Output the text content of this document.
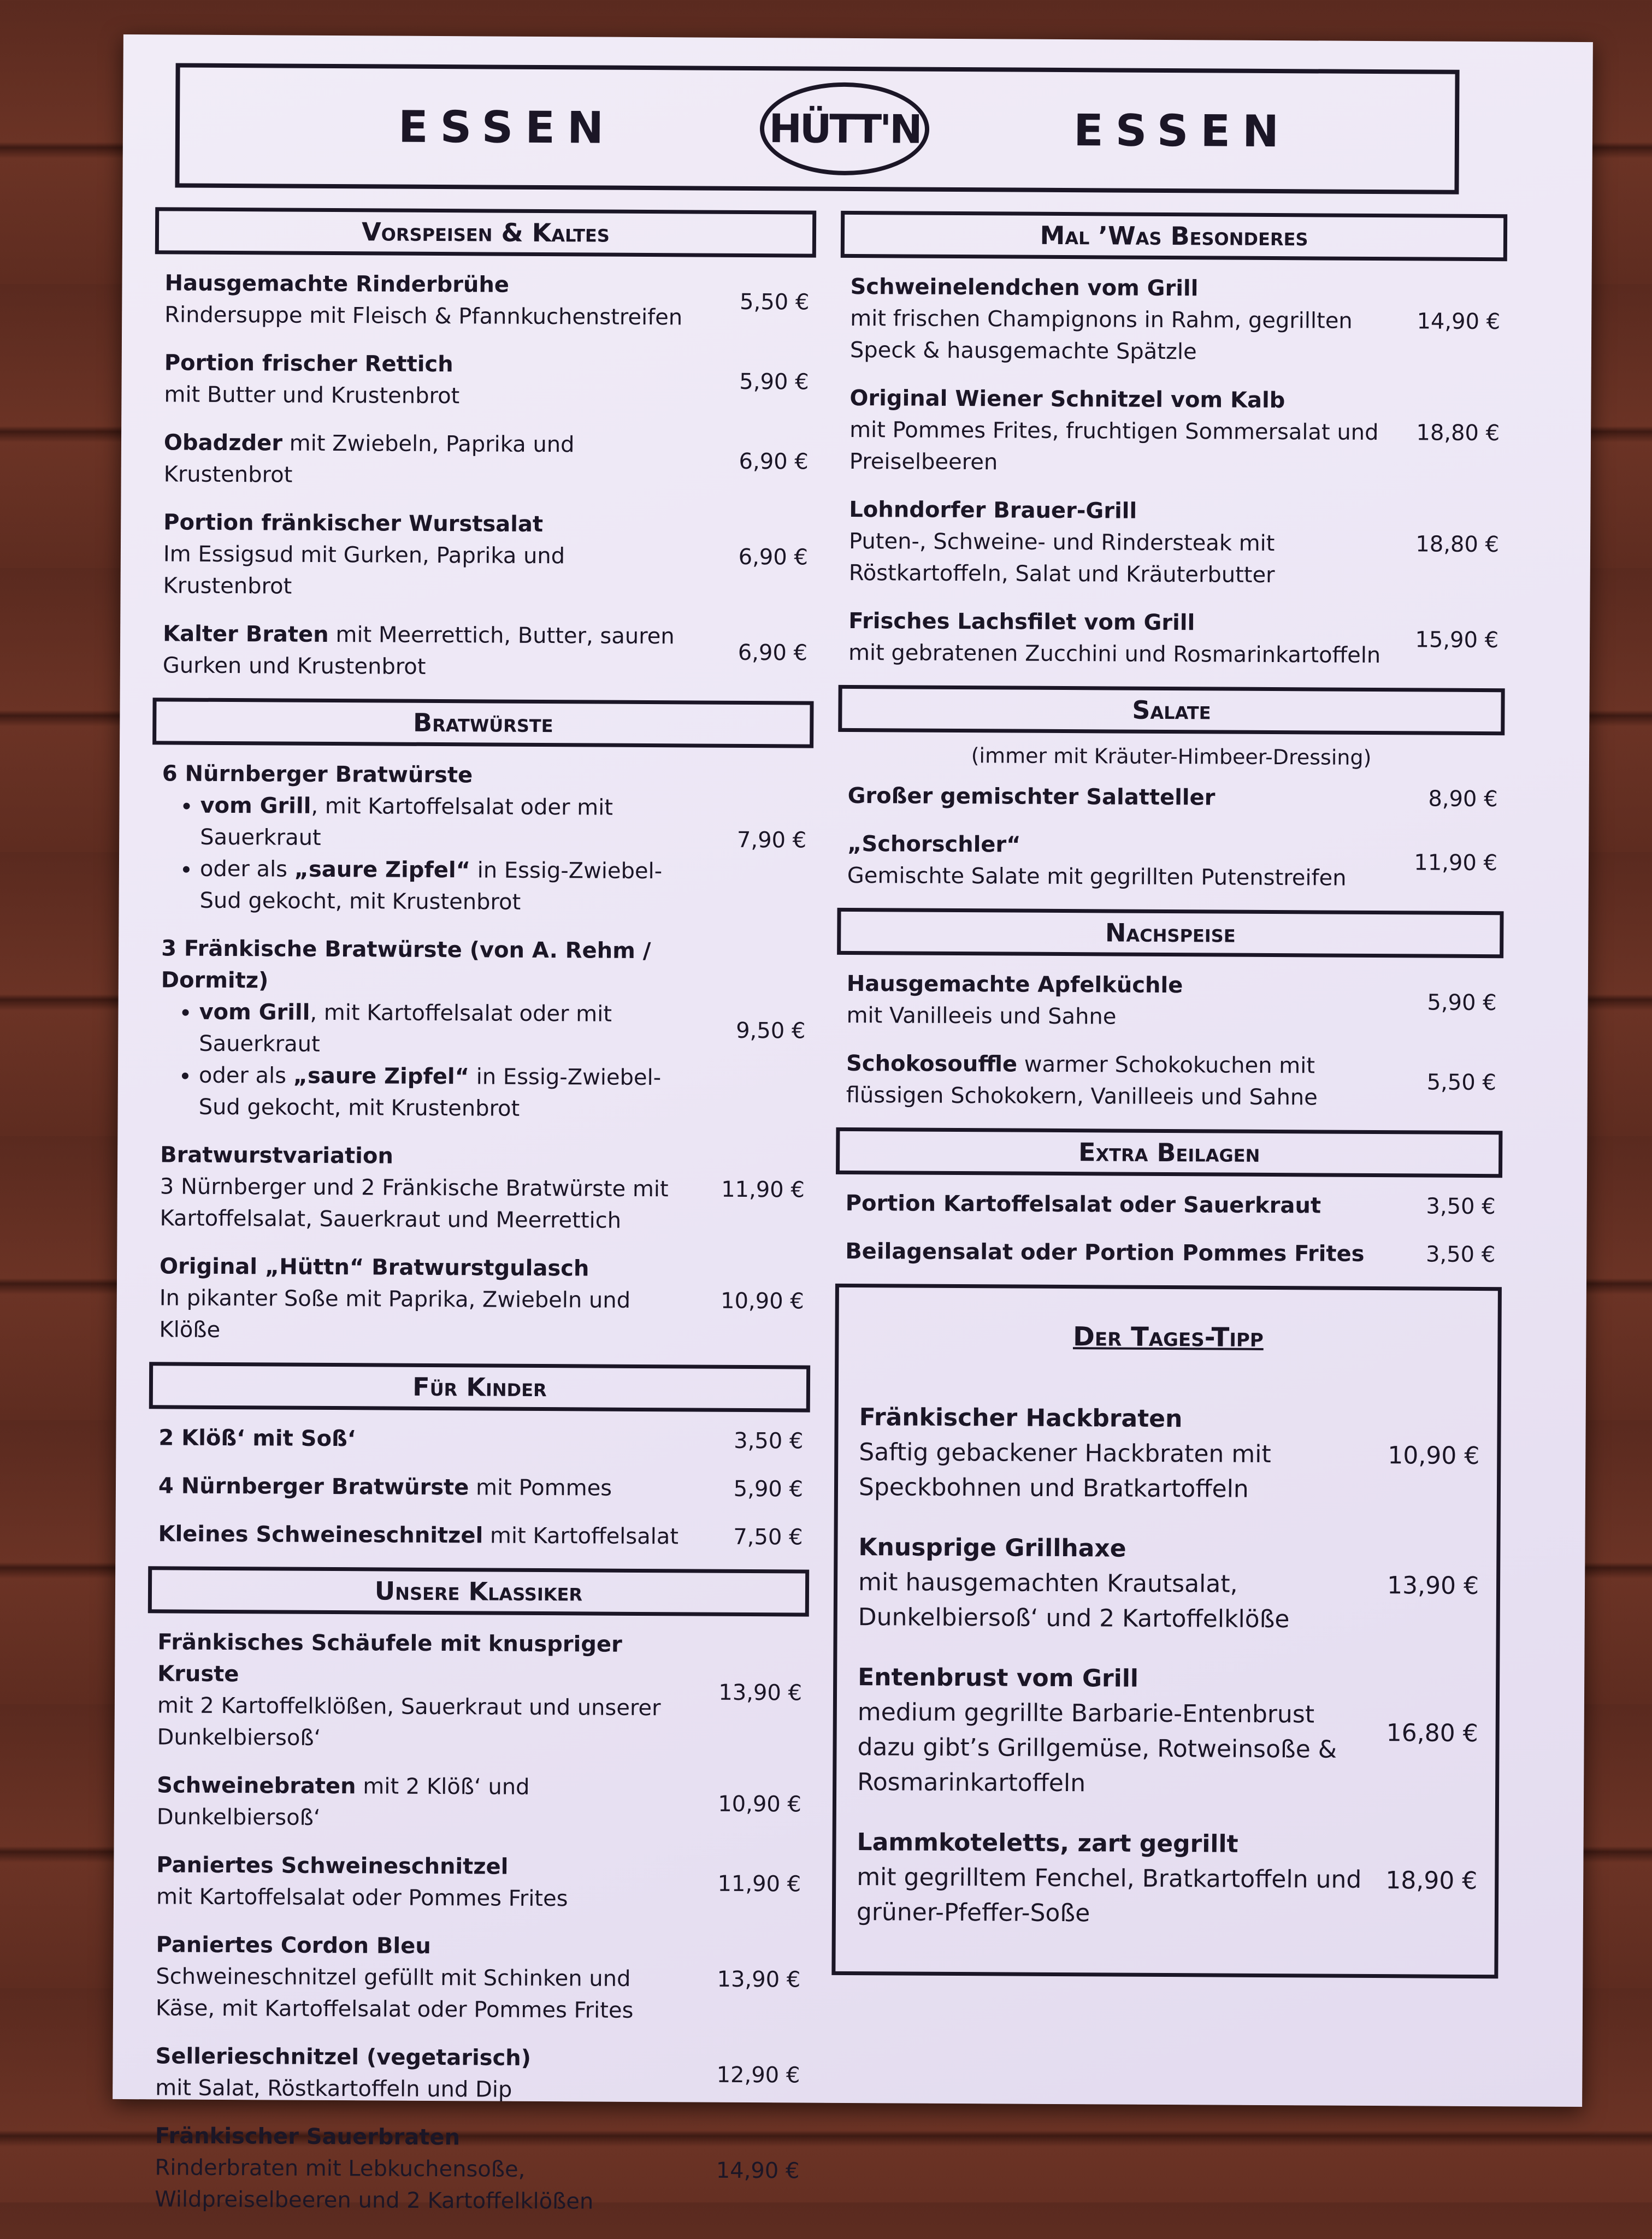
ESSEN	HÜTT'N	ESSEN
Vorspeisen & Kaltes
Hausgemachte Rinderbrühe
Rindersuppe mit Fleisch & Pfannkuchenstreifen
5,50 €
Portion frischer Rettich
mit Butter und Krustenbrot
5,90 €
Obadzder mit Zwiebeln, Paprika und Krustenbrot
6,90 €
Portion fränkischer Wurstsalat
Im Essigsud mit Gurken, Paprika und Krustenbrot
6,90 €
Kalter Braten mit Meerrettich, Butter, sauren Gurken und Krustenbrot
6,90 €
Bratwürste
6 Nürnberger Bratwürste
• vom Grill, mit Kartoffelsalat oder mit Sauerkraut
• oder als „saure Zipfel“ in Essig-Zwiebel-Sud gekocht, mit Krustenbrot
7,90 €
3 Fränkische Bratwürste (von A. Rehm / Dormitz)
• vom Grill, mit Kartoffelsalat oder mit Sauerkraut
• oder als „saure Zipfel“ in Essig-Zwiebel-Sud gekocht, mit Krustenbrot
9,50 €
Bratwurstvariation
3 Nürnberger und 2 Fränkische Bratwürste mit Kartoffelsalat, Sauerkraut und Meerrettich
11,90 €
Original „Hüttn“ Bratwurstgulasch
In pikanter Soße mit Paprika, Zwiebeln und Klöße
10,90 €
Für Kinder
2 Klöß‘ mit Soß‘	3,50 €
4 Nürnberger Bratwürste mit Pommes	5,90 €
Kleines Schweineschnitzel mit Kartoffelsalat	7,50 €
Unsere Klassiker
Fränkisches Schäufele mit knuspriger Kruste
mit 2 Kartoffelklößen, Sauerkraut und unserer Dunkelbiersoß‘
13,90 €
Schweinebraten mit 2 Klöß‘ und Dunkelbiersoß‘
10,90 €
Paniertes Schweineschnitzel
mit Kartoffelsalat oder Pommes Frites
11,90 €
Paniertes Cordon Bleu
Schweineschnitzel gefüllt mit Schinken und Käse, mit Kartoffelsalat oder Pommes Frites
13,90 €
Sellerieschnitzel (vegetarisch)
mit Salat, Röstkartoffeln und Dip
12,90 €
Fränkischer Sauerbraten
Rinderbraten mit Lebkuchensoße, Wildpreiselbeeren und 2 Kartoffelklößen
14,90 €
Mal ’Was Besonderes
Schweinelendchen vom Grill
mit frischen Champignons in Rahm, gegrillten Speck & hausgemachte Spätzle
14,90 €
Original Wiener Schnitzel vom Kalb
mit Pommes Frites, fruchtigen Sommersalat und Preiselbeeren
18,80 €
Lohndorfer Brauer-Grill
Puten-, Schweine- und Rindersteak mit Röstkartoffeln, Salat und Kräuterbutter
18,80 €
Frisches Lachsfilet vom Grill
mit gebratenen Zucchini und Rosmarinkartoffeln
15,90 €
Salate
(immer mit Kräuter-Himbeer-Dressing)
Großer gemischter Salatteller	8,90 €
„Schorschler“
Gemischte Salate mit gegrillten Putenstreifen
11,90 €
Nachspeise
Hausgemachte Apfelküchle
mit Vanilleeis und Sahne
5,90 €
Schokosouffle warmer Schokokuchen mit flüssigen Schokokern, Vanilleeis und Sahne
5,50 €
Extra Beilagen
Portion Kartoffelsalat oder Sauerkraut	3,50 €
Beilagensalat oder Portion Pommes Frites	3,50 €
Der Tages-Tipp
Fränkischer Hackbraten
Saftig gebackener Hackbraten mit Speckbohnen und Bratkartoffeln
10,90 €
Knusprige Grillhaxe
mit hausgemachten Krautsalat, Dunkelbiersoß‘ und 2 Kartoffelklöße
13,90 €
Entenbrust vom Grill
medium gegrillte Barbarie-Entenbrust dazu gibt’s Grillgemüse, Rotweinsoße & Rosmarinkartoffeln
16,80 €
Lammkoteletts, zart gegrillt
mit gegrilltem Fenchel, Bratkartoffeln und grüner-Pfeffer-Soße
18,90 €
